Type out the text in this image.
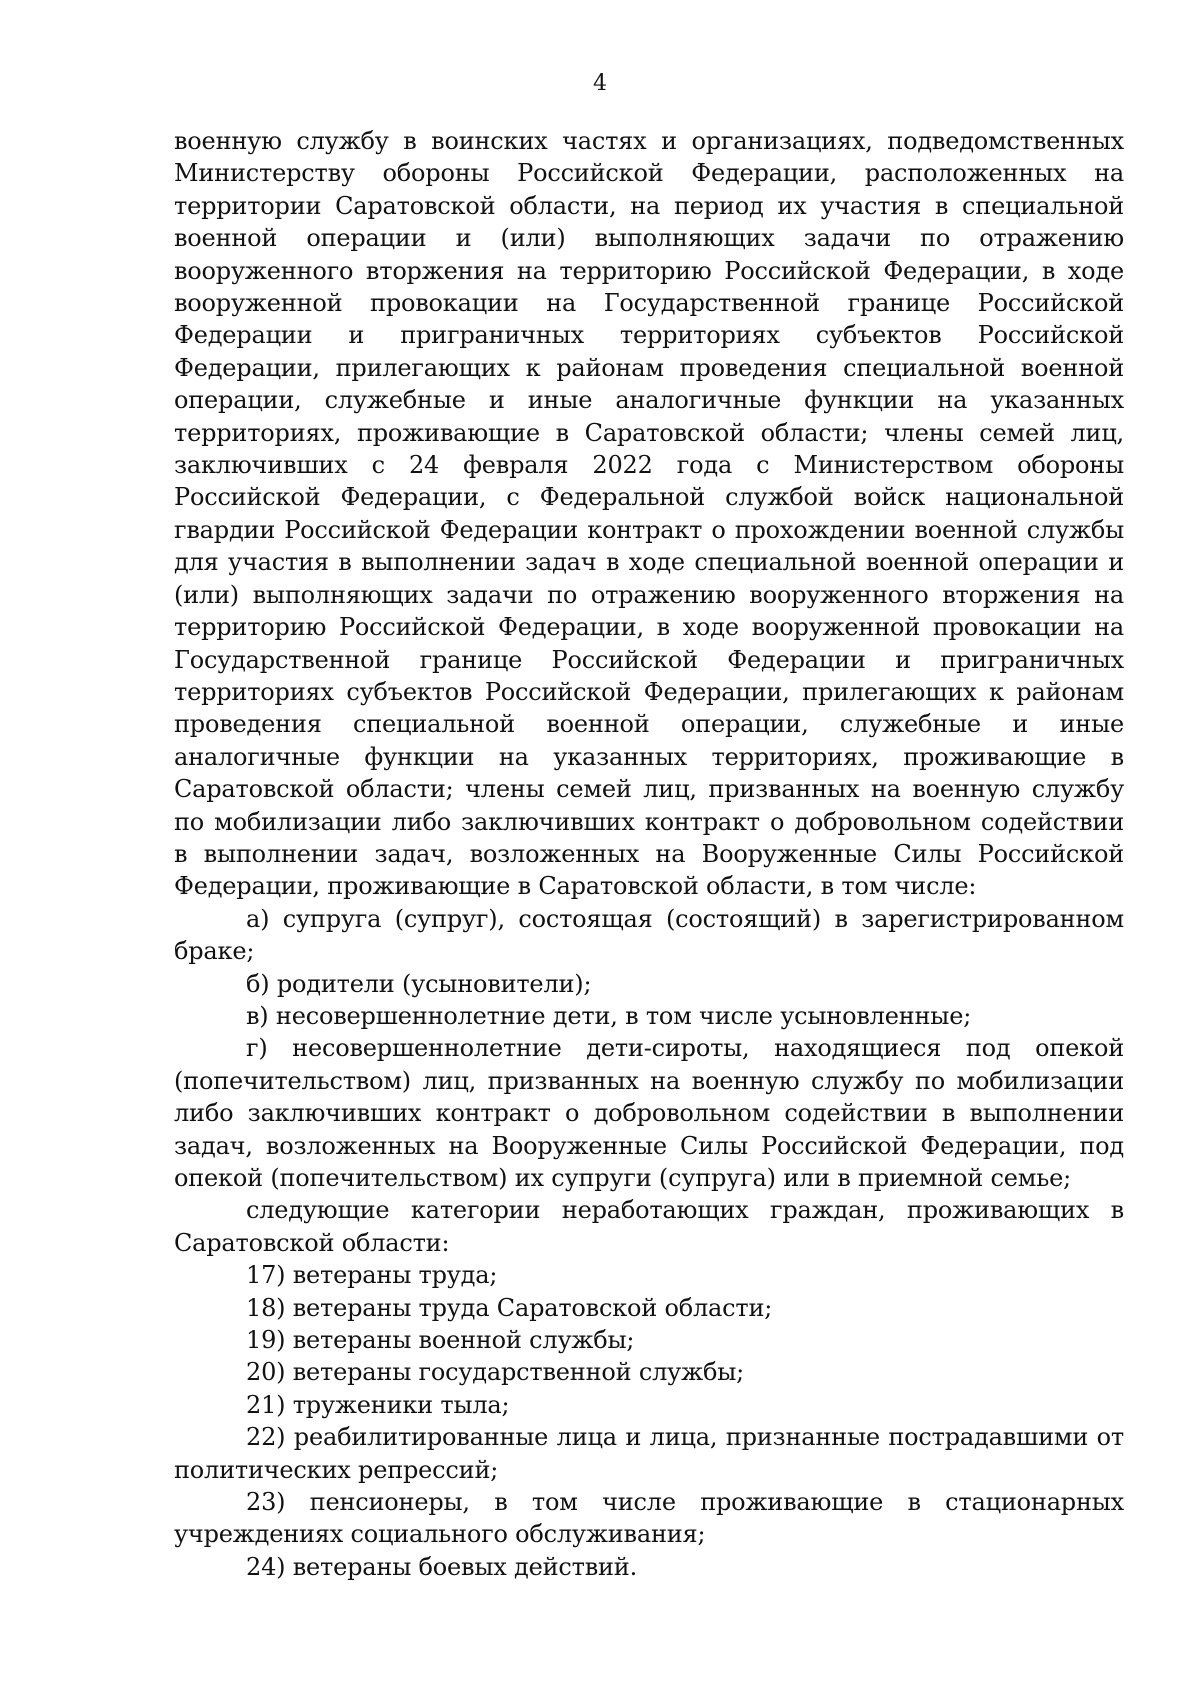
4

военную службу в воинских частях и организациях, подведомственных Министерству обороны Российской Федерации, расположенных на территории Саратовской области, на период их участия в специальной военной операции и (или) выполняющих задачи по отражению вооруженного вторжения на территорию Российской Федерации, в ходе вооруженной провокации на Государственной границе Российской Федерации и приграничных территориях субъектов Российской Федерации, прилегающих к районам проведения специальной военной операции, служебные и иные аналогичные функции на указанных территориях, проживающие в Саратовской области; члены семей лиц, заключивших с 24 февраля 2022 года с Министерством обороны Российской Федерации, с Федеральной службой войск национальной гвардии Российской Федерации контракт о прохождении военной службы для участия в выполнении задач в ходе специальной военной операции и (или) выполняющих задачи по отражению вооруженного вторжения на территорию Российской Федерации, в ходе вооруженной провокации на Государственной границе Российской Федерации и приграничных территориях субъектов Российской Федерации, прилегающих к районам проведения специальной военной операции, служебные и иные аналогичные функции на указанных территориях, проживающие в Саратовской области; члены семей лиц, призванных на военную службу по мобилизации либо заключивших контракт о добровольном содействии в выполнении задач, возложенных на Вооруженные Силы Российской Федерации, проживающие в Саратовской области, в том числе:

а) супруга (супруг), состоящая (состоящий) в зарегистрированном браке;

б) родители (усыновители);

в) несовершеннолетние дети, в том числе усыновленные;

г) несовершеннолетние дети-сироты, находящиеся под опекой (попечительством) лиц, призванных на военную службу по мобилизации либо заключивших контракт о добровольном содействии в выполнении задач, возложенных на Вооруженные Силы Российской Федерации, под опекой (попечительством) их супруги (супруга) или в приемной семье;

следующие категории неработающих граждан, проживающих в Саратовской области:

17) ветераны труда;

18) ветераны труда Саратовской области;

19) ветераны военной службы;

20) ветераны государственной службы;

21) труженики тыла;

22) реабилитированные лица и лица, признанные пострадавшими от политических репрессий;

23) пенсионеры, в том числе проживающие в стационарных учреждениях социального обслуживания;

24) ветераны боевых действий.
